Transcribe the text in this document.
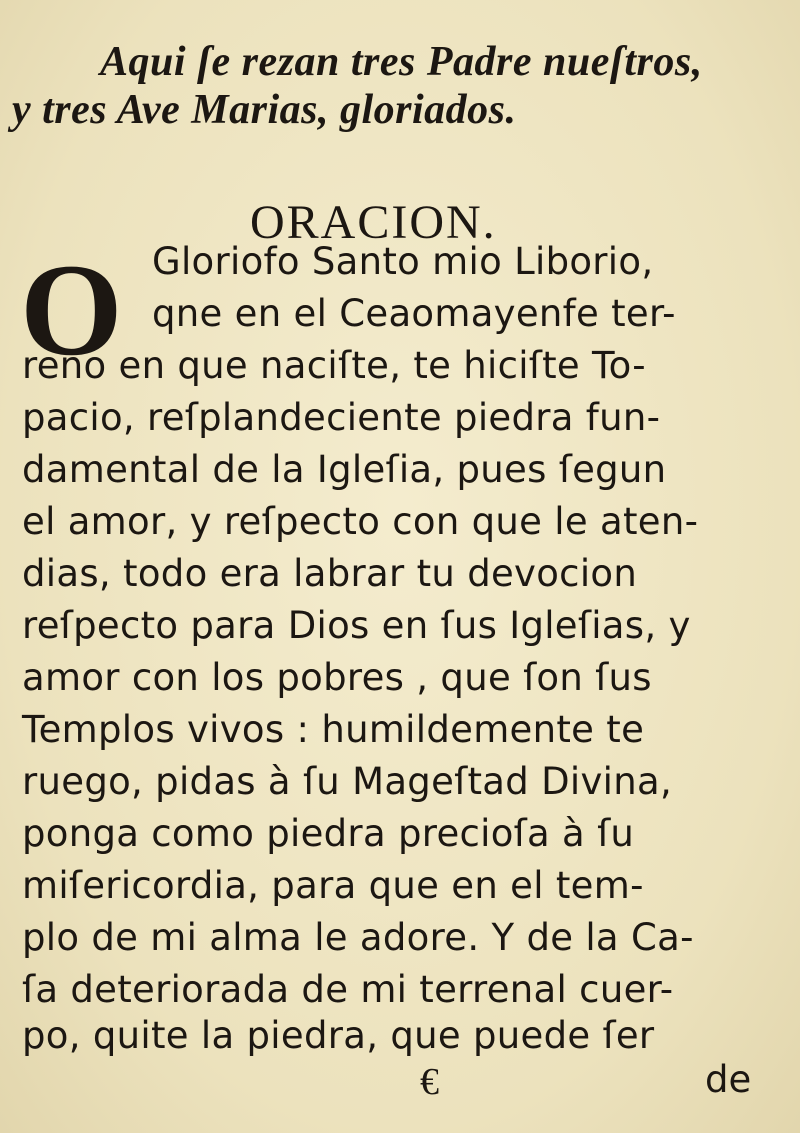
Aqui ſe rezan tres Padre nueſtros,
y tres Ave Marias, gloriados.
ORACION.
O Gloriofo Santo mio Liborio,
qne en el Ceaomayenfe ter-
reno en que naciſte, te hiciſte To-
pacio, reſplandeciente piedra fun-
damental de la Igleſia, pues ſegun
el amor, y reſpecto con que le aten-
dias, todo era labrar tu devocion
reſpecto para Dios en ſus Igleſias, y
amor con los pobres , que ſon ſus
Templos vivos : humildemente te
ruego, pidas à ſu Mageſtad Divina,
ponga como piedra precioſa à ſu
miſericordia, para que en el tem-
plo de mi alma le adore. Y de la Ca-
ſa deteriorada de mi terrenal cuer-
€	de
po, quite la piedra, que puede ſer
